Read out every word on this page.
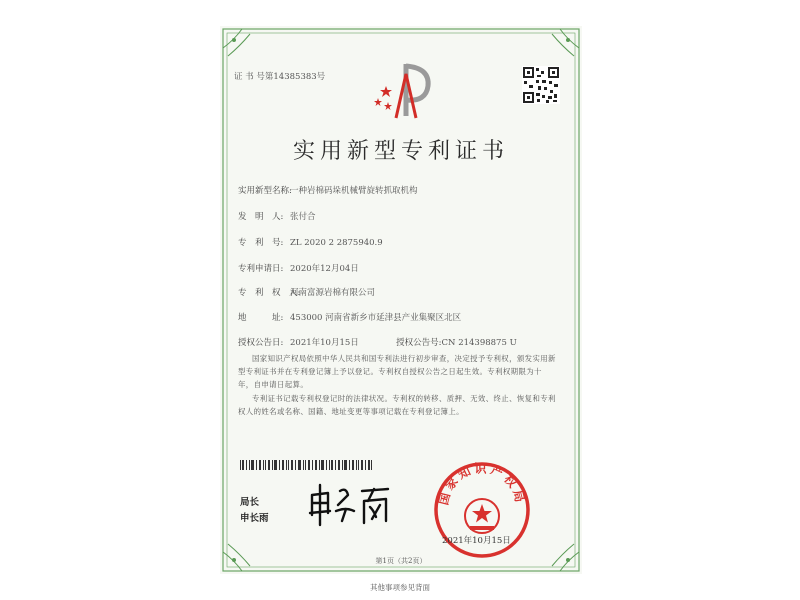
证 书 号第14385383号
实用新型专利证书
实用新型名称:一种岩棉码垛机械臂旋转抓取机构
发　明　人: 张付合
专　利　号: ZL 2020 2 2875940.9
专利申请日: 2020年12月04日
专　利　权　人:河南富源岩棉有限公司
地　　　址: 453000 河南省新乡市延津县产业集聚区北区
授权公告日: 2021年10月15日	授权公告号:CN 214398875 U
国家知识产权局依照中华人民共和国专利法进行初步审查，决定授予专利权，颁发实用新型专利证书并在专利登记簿上予以登记。专利权自授权公告之日起生效。专利权期限为十年，自申请日起算。
专利证书记载专利权登记时的法律状况。专利权的转移、质押、无效、终止、恢复和专利权人的姓名或名称、国籍、地址变更等事项记载在专利登记簿上。
局长
申长雨
国家知识产权局
2021年10月15日
第1页（共2页）
其他事项参见背面
